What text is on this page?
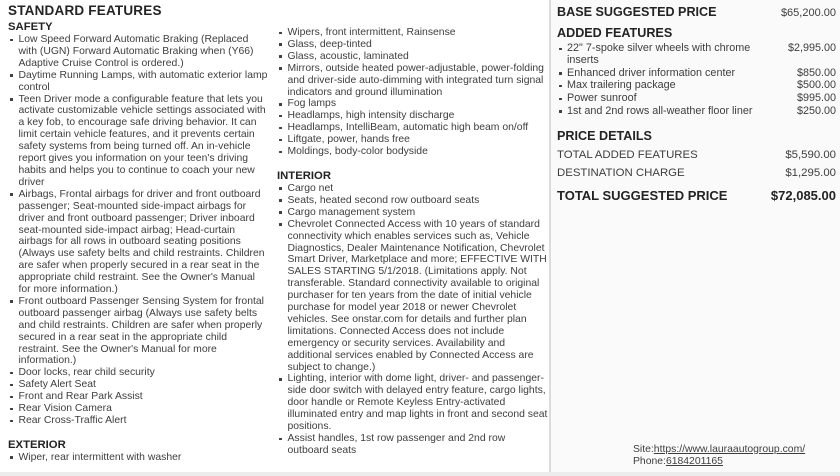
STANDARD FEATURES
SAFETY
Low Speed Forward Automatic Braking (Replaced with (UGN) Forward Automatic Braking when (Y66) Adaptive Cruise Control is ordered.)
Daytime Running Lamps, with automatic exterior lamp control
Teen Driver mode a configurable feature that lets you activate customizable vehicle settings associated with a key fob, to encourage safe driving behavior. It can limit certain vehicle features, and it prevents certain safety systems from being turned off. An in-vehicle report gives you information on your teen's driving habits and helps you to continue to coach your new driver
Airbags, Frontal airbags for driver and front outboard passenger; Seat-mounted side-impact airbags for driver and front outboard passenger; Driver inboard seat-mounted side-impact airbag; Head-curtain airbags for all rows in outboard seating positions (Always use safety belts and child restraints. Children are safer when properly secured in a rear seat in the appropriate child restraint. See the Owner's Manual for more information.)
Front outboard Passenger Sensing System for frontal outboard passenger airbag (Always use safety belts and child restraints. Children are safer when properly secured in a rear seat in the appropriate child restraint. See the Owner's Manual for more information.)
Door locks, rear child security
Safety Alert Seat
Front and Rear Park Assist
Rear Vision Camera
Rear Cross-Traffic Alert
EXTERIOR
Wiper, rear intermittent with washer
Wipers, front intermittent, Rainsense
Glass, deep-tinted
Glass, acoustic, laminated
Mirrors, outside heated power-adjustable, power-folding and driver-side auto-dimming with integrated turn signal indicators and ground illumination
Fog lamps
Headlamps, high intensity discharge
Headlamps, IntelliBeam, automatic high beam on/off
Liftgate, power, hands free
Moldings, body-color bodyside
INTERIOR
Cargo net
Seats, heated second row outboard seats
Cargo management system
Chevrolet Connected Access with 10 years of standard connectivity which enables services such as, Vehicle Diagnostics, Dealer Maintenance Notification, Chevrolet Smart Driver, Marketplace and more; EFFECTIVE WITH SALES STARTING 5/1/2018. (Limitations apply. Not transferable. Standard connectivity available to original purchaser for ten years from the date of initial vehicle purchase for model year 2018 or newer Chevrolet vehicles. See onstar.com for details and further plan limitations. Connected Access does not include emergency or security services. Availability and additional services enabled by Connected Access are subject to change.)
Lighting, interior with dome light, driver- and passenger-side door switch with delayed entry feature, cargo lights, door handle or Remote Keyless Entry-activated illuminated entry and map lights in front and second seat positions.
Assist handles, 1st row passenger and 2nd row outboard seats
BASE SUGGESTED PRICE	$65,200.00
ADDED FEATURES
22" 7-spoke silver wheels with chrome inserts
$2,995.00
Enhanced driver information center	$850.00
Max trailering package	$500.00
Power sunroof	$995.00
1st and 2nd rows all-weather floor liner	$250.00
PRICE DETAILS
TOTAL ADDED FEATURES	$5,590.00
DESTINATION CHARGE	$1,295.00
TOTAL SUGGESTED PRICE	$72,085.00
Site:https://www.lauraautogroup.com/
Phone:6184201165
